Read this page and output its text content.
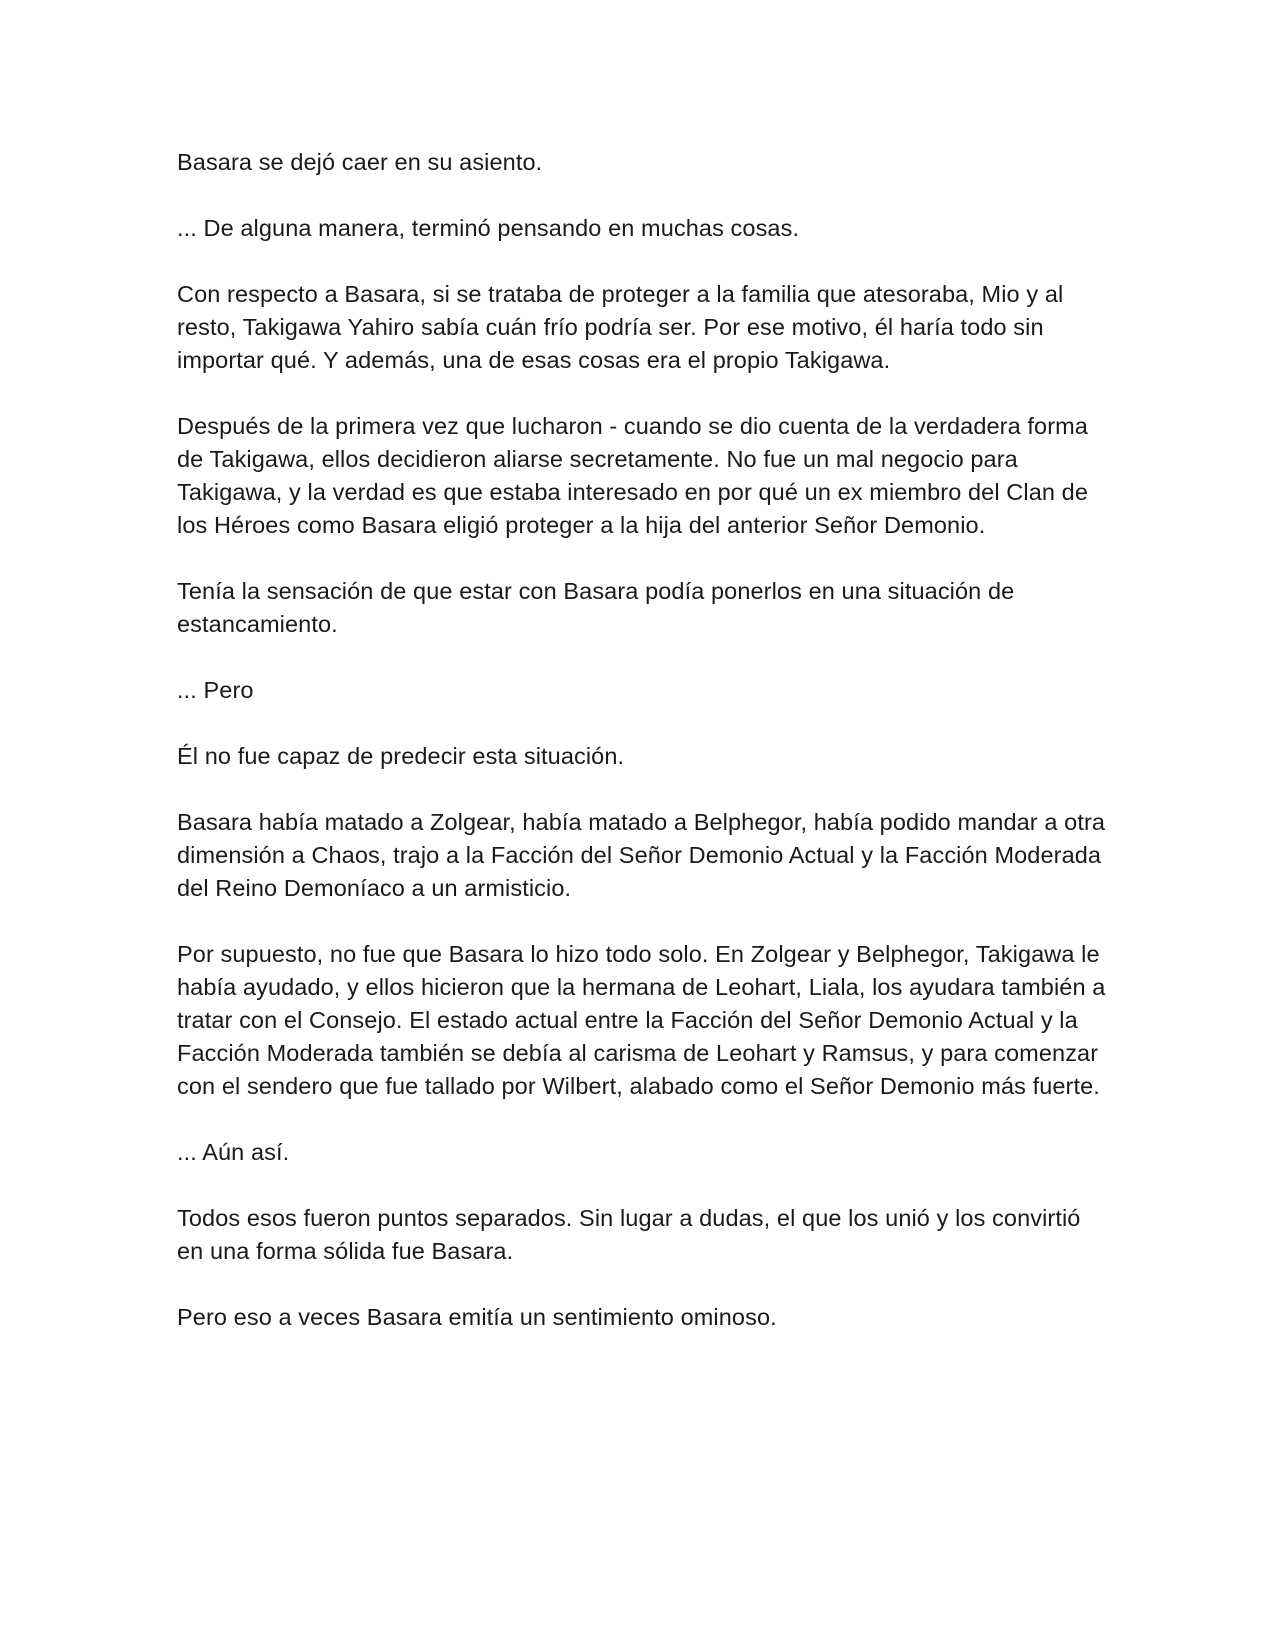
Basara se dejó caer en su asiento.

... De alguna manera, terminó pensando en muchas cosas.

Con respecto a Basara, si se trataba de proteger a la familia que atesoraba, Mio y al resto, Takigawa Yahiro sabía cuán frío podría ser. Por ese motivo, él haría todo sin importar qué. Y además, una de esas cosas era el propio Takigawa.

Después de la primera vez que lucharon - cuando se dio cuenta de la verdadera forma de Takigawa, ellos decidieron aliarse secretamente. No fue un mal negocio para Takigawa, y la verdad es que estaba interesado en por qué un ex miembro del Clan de los Héroes como Basara eligió proteger a la hija del anterior Señor Demonio.

Tenía la sensación de que estar con Basara podía ponerlos en una situación de estancamiento.

... Pero

Él no fue capaz de predecir esta situación.

Basara había matado a Zolgear, había matado a Belphegor, había podido mandar a otra dimensión a Chaos, trajo a la Facción del Señor Demonio Actual y la Facción Moderada del Reino Demoníaco a un armisticio.

Por supuesto, no fue que Basara lo hizo todo solo. En Zolgear y Belphegor, Takigawa le había ayudado, y ellos hicieron que la hermana de Leohart, Liala, los ayudara también a tratar con el Consejo. El estado actual entre la Facción del Señor Demonio Actual y la Facción Moderada también se debía al carisma de Leohart y Ramsus, y para comenzar con el sendero que fue tallado por Wilbert, alabado como el Señor Demonio más fuerte.

... Aún así.

Todos esos fueron puntos separados. Sin lugar a dudas, el que los unió y los convirtió en una forma sólida fue Basara.

Pero eso a veces Basara emitía un sentimiento ominoso.
